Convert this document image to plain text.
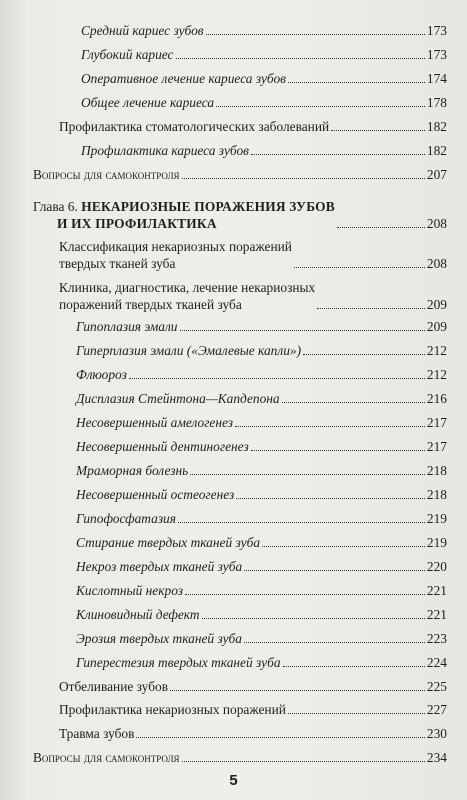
Средний кариес зубов	173
Глубокий кариес	173
Оперативное лечение кариеса зубов	174
Общее лечение кариеса	178
Профилактика стоматологических заболеваний	182
Профилактика кариеса зубов	182
Вопросы для самоконтроля	207
Глава 6. НЕКАРИОЗНЫЕ ПОРАЖЕНИЯ ЗУБОВ
И ИХ ПРОФИЛАКТИКА	208
Классификация некариозных поражений
твердых тканей зуба	208
Клиника, диагностика, лечение некариозных
поражений твердых тканей зуба	209
Гипоплазия эмали	209
Гиперплазия эмали («Эмалевые капли»)	212
Флюороз	212
Дисплазия Стейнтона—Капдепона	216
Несовершенный амелогенез	217
Несовершенный дентиногенез	217
Мраморная болезнь	218
Несовершенный остеогенез	218
Гипофосфатазия	219
Стирание твердых тканей зуба	219
Некроз твердых тканей зуба	220
Кислотный некроз	221
Клиновидный дефект	221
Эрозия твердых тканей зуба	223
Гиперестезия твердых тканей зуба	224
Отбеливание зубов	225
Профилактика некариозных поражений	227
Травма зубов	230
Вопросы для самоконтроля	234
5
